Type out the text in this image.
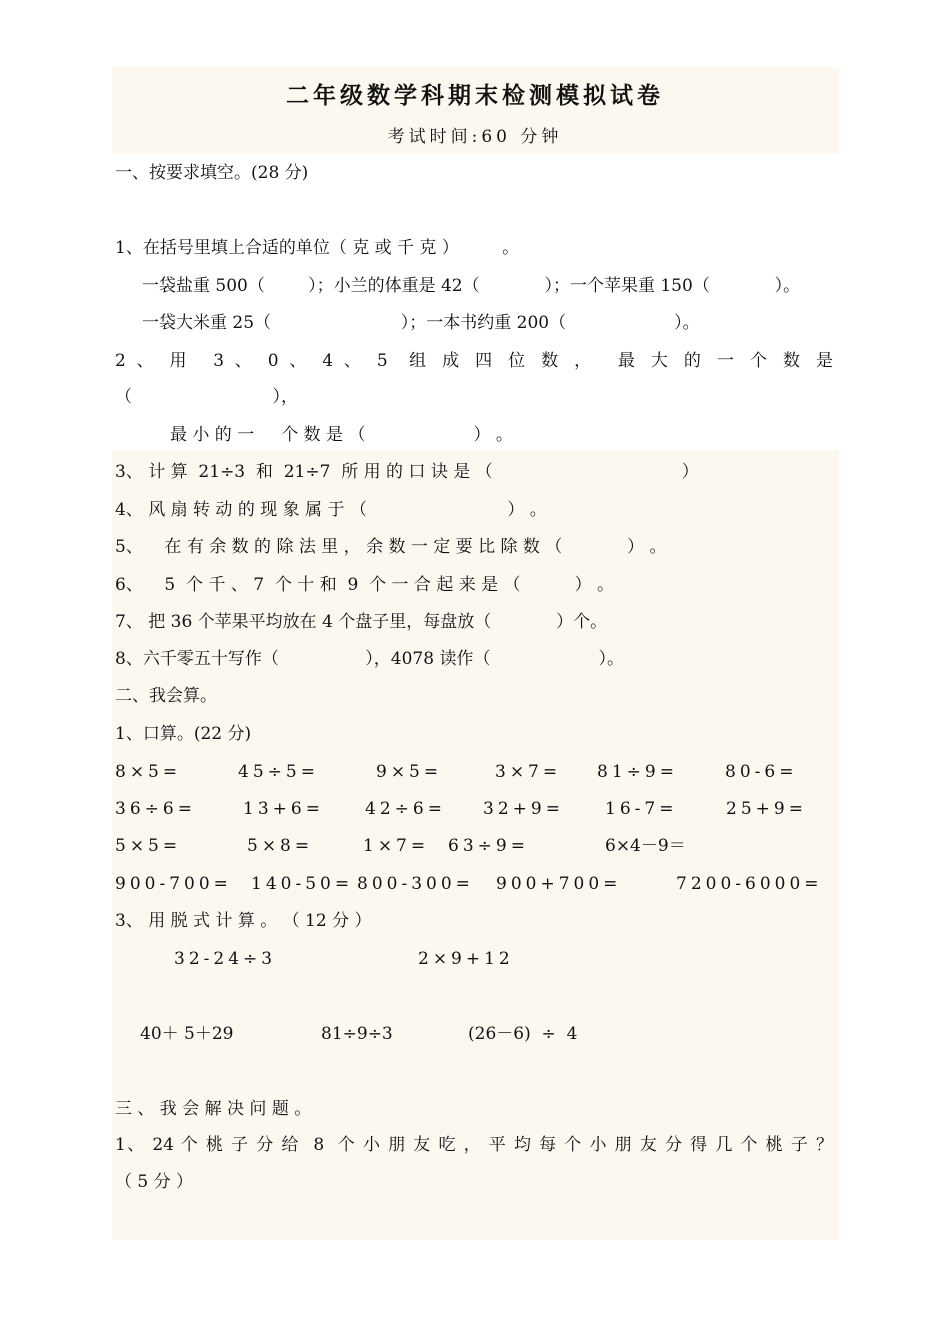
二年级数学科期末检测模拟试卷
考试时间:60 分钟
一、按要求填空。(28 分)
1、在括号里填上合适的单位（ 克 或 千 克 ）        。
一袋盐重 500（        ）；小兰的体重是 42（            ）；一个苹果重 150（            ）。
一袋大米重 25（                        ）；一本书约重 200（                    ）。
2 、 用  3 、 0 、 4 、 5  组 成 四 位 数 ，  最 大 的 一 个 数 是
（                          ），
最 小 的 一     个 数 是 （                    ） 。
3、 计 算  21÷3  和  21÷7  所 用 的 口 诀 是 （                                   ）
4、 风 扇 转 动 的 现 象 属 于 （                          ） 。
5、    在 有 余 数 的 除 法 里 ， 余 数 一 定 要 比 除 数 （            ） 。
6、    5  个 千 、 7  个 十 和  9  个 一 合 起 来 是 （          ） 。
7、 把 36 个苹果平均放在 4 个盘子里，每盘放（            ）个。
8、六千零五十写作（                ），4078 读作（                    ）。
二、我会算。
1、口算。(22 分)
8×5=	45÷5=	9×5=	3×7= 81÷9=	80-6=
36÷6=	13+6= 42÷6= 32+9= 16-7=	25+9=
5×5=	5×8=	1×7= 63÷9=	6×4－9＝
900-700= 140-50= 800-300= 900+700=	7200-6000=
3、 用 脱 式 计 算 。 （ 12 分 ）
32-24÷3	2×9+12
40＋ 5＋29	81÷9÷3	(26－6)  ÷  4
三 、 我 会 解 决 问 题 。
1、 24 个 桃 子 分 给  8  个 小 朋 友 吃 ， 平 均 每 个 小 朋 友 分 得 几 个 桃 子 ？
（ 5 分 ）
